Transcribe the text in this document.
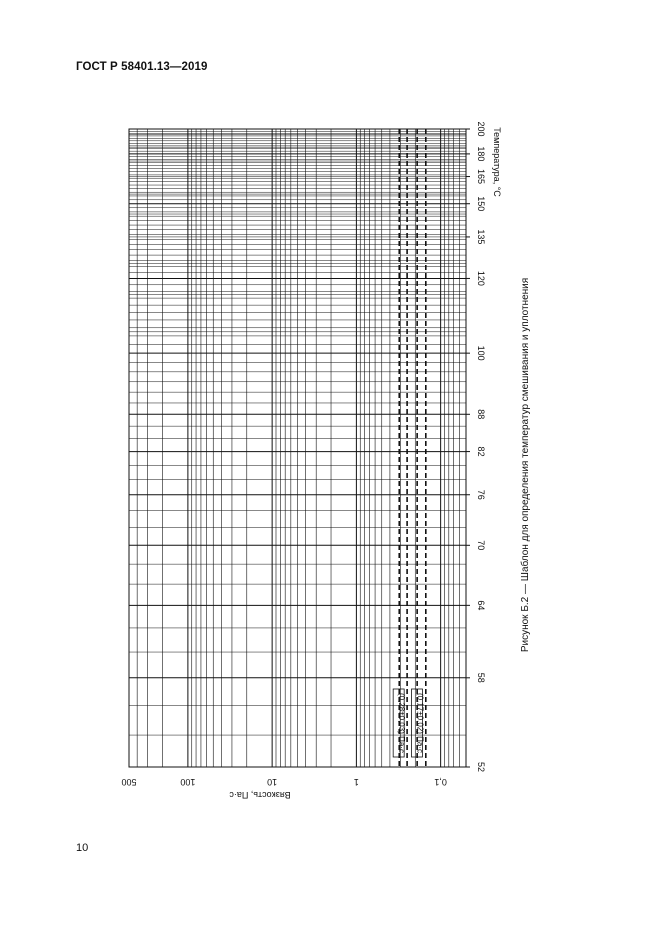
ГОСТ Р 58401.13—2019
(0,28±0,03) Па·с (0,17±0,02) Па·с
52
58
64
70
76
82
88
100
120
135
150
165
180
200
500	100	10	1	0,1
Температура, °С
Вязкость, Па·с
Рисунок Б.2 — Шаблон для определения температур смешивания и уплотнения
10
